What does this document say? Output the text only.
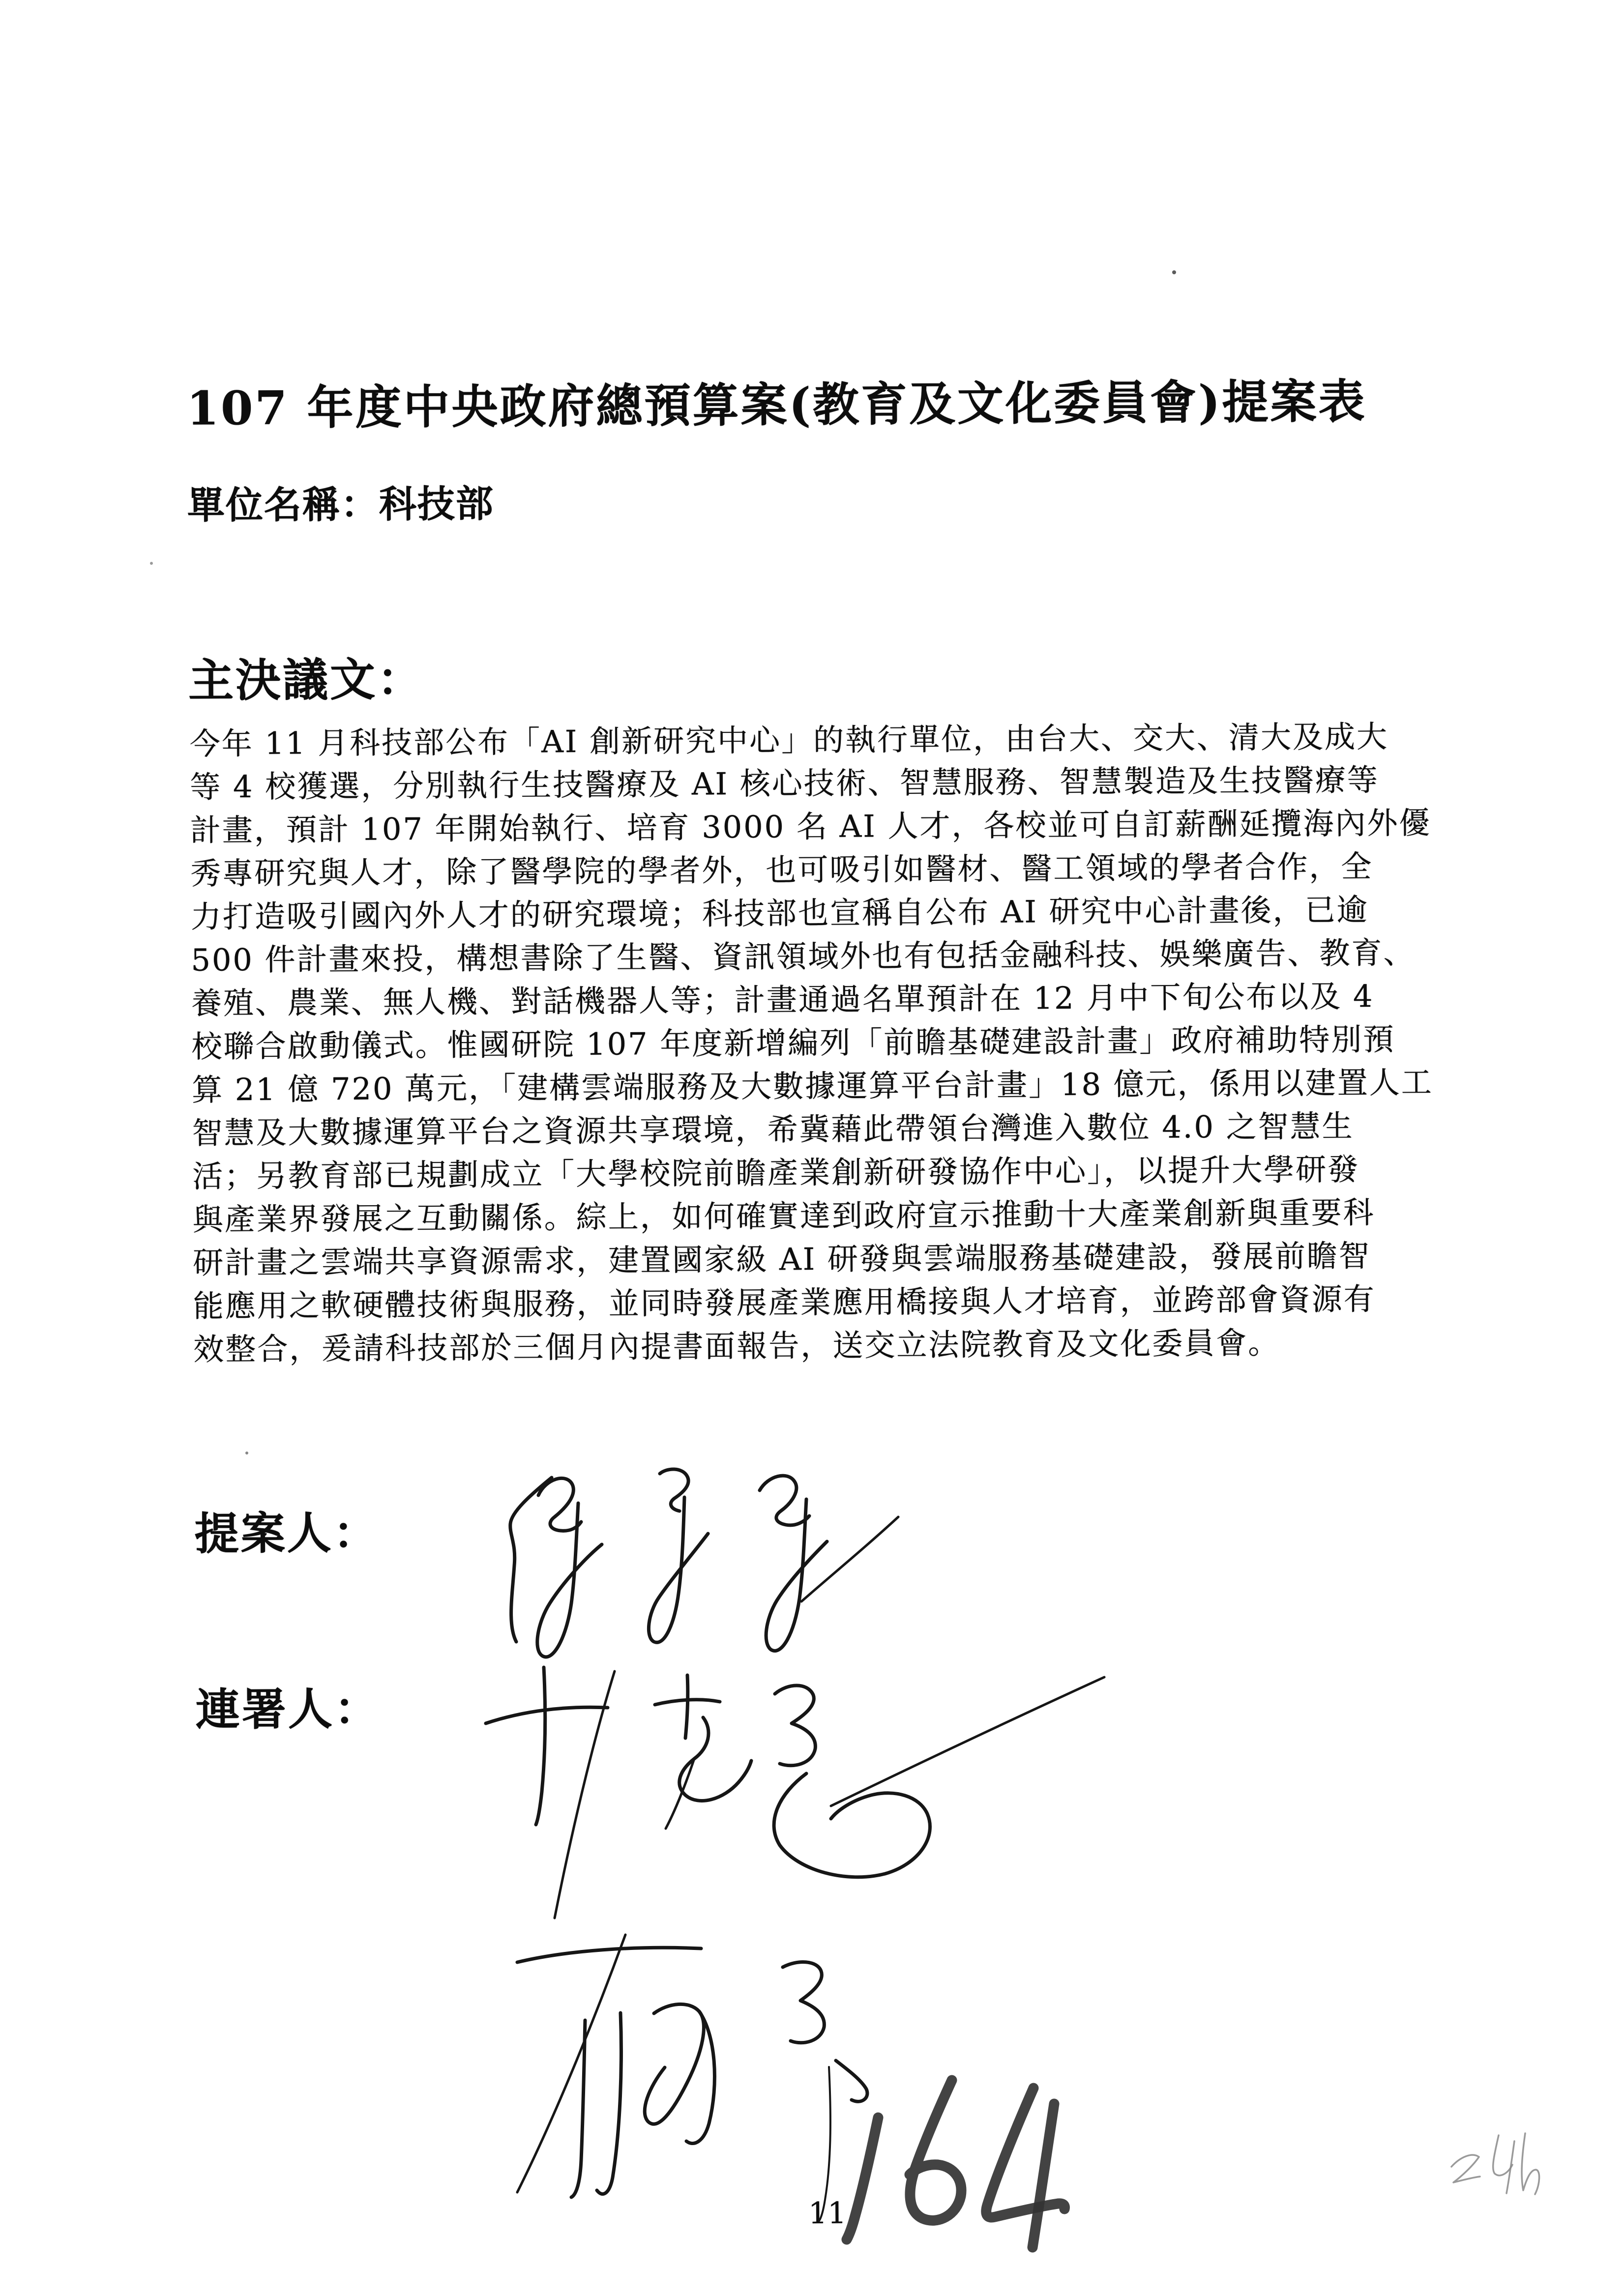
107 年度中央政府總預算案(教育及文化委員會)提案表
單位名稱：科技部
主決議文：
今年 11 月科技部公布「AI 創新研究中心」的執行單位，由台大、交大、清大及成大
等 4 校獲選，分別執行生技醫療及 AI 核心技術、智慧服務、智慧製造及生技醫療等
計畫，預計 107 年開始執行、培育 3000 名 AI 人才，各校並可自訂薪酬延攬海內外優
秀專研究與人才，除了醫學院的學者外，也可吸引如醫材、醫工領域的學者合作，全
力打造吸引國內外人才的研究環境；科技部也宣稱自公布 AI 研究中心計畫後，已逾
500 件計畫來投，構想書除了生醫、資訊領域外也有包括金融科技、娛樂廣告、教育、
養殖、農業、無人機、對話機器人等；計畫通過名單預計在 12 月中下旬公布以及 4
校聯合啟動儀式。惟國研院 107 年度新增編列「前瞻基礎建設計畫」政府補助特別預
算 21 億 720 萬元，「建構雲端服務及大數據運算平台計畫」18 億元，係用以建置人工
智慧及大數據運算平台之資源共享環境，希冀藉此帶領台灣進入數位 4.0 之智慧生
活；另教育部已規劃成立「大學校院前瞻產業創新研發協作中心」，以提升大學研發
與產業界發展之互動關係。綜上，如何確實達到政府宣示推動十大產業創新與重要科
研計畫之雲端共享資源需求，建置國家級 AI 研發與雲端服務基礎建設，發展前瞻智
能應用之軟硬體技術與服務，並同時發展產業應用橋接與人才培育，並跨部會資源有
效整合，爰請科技部於三個月內提書面報告，送交立法院教育及文化委員會。
提案人：
連署人：
11
